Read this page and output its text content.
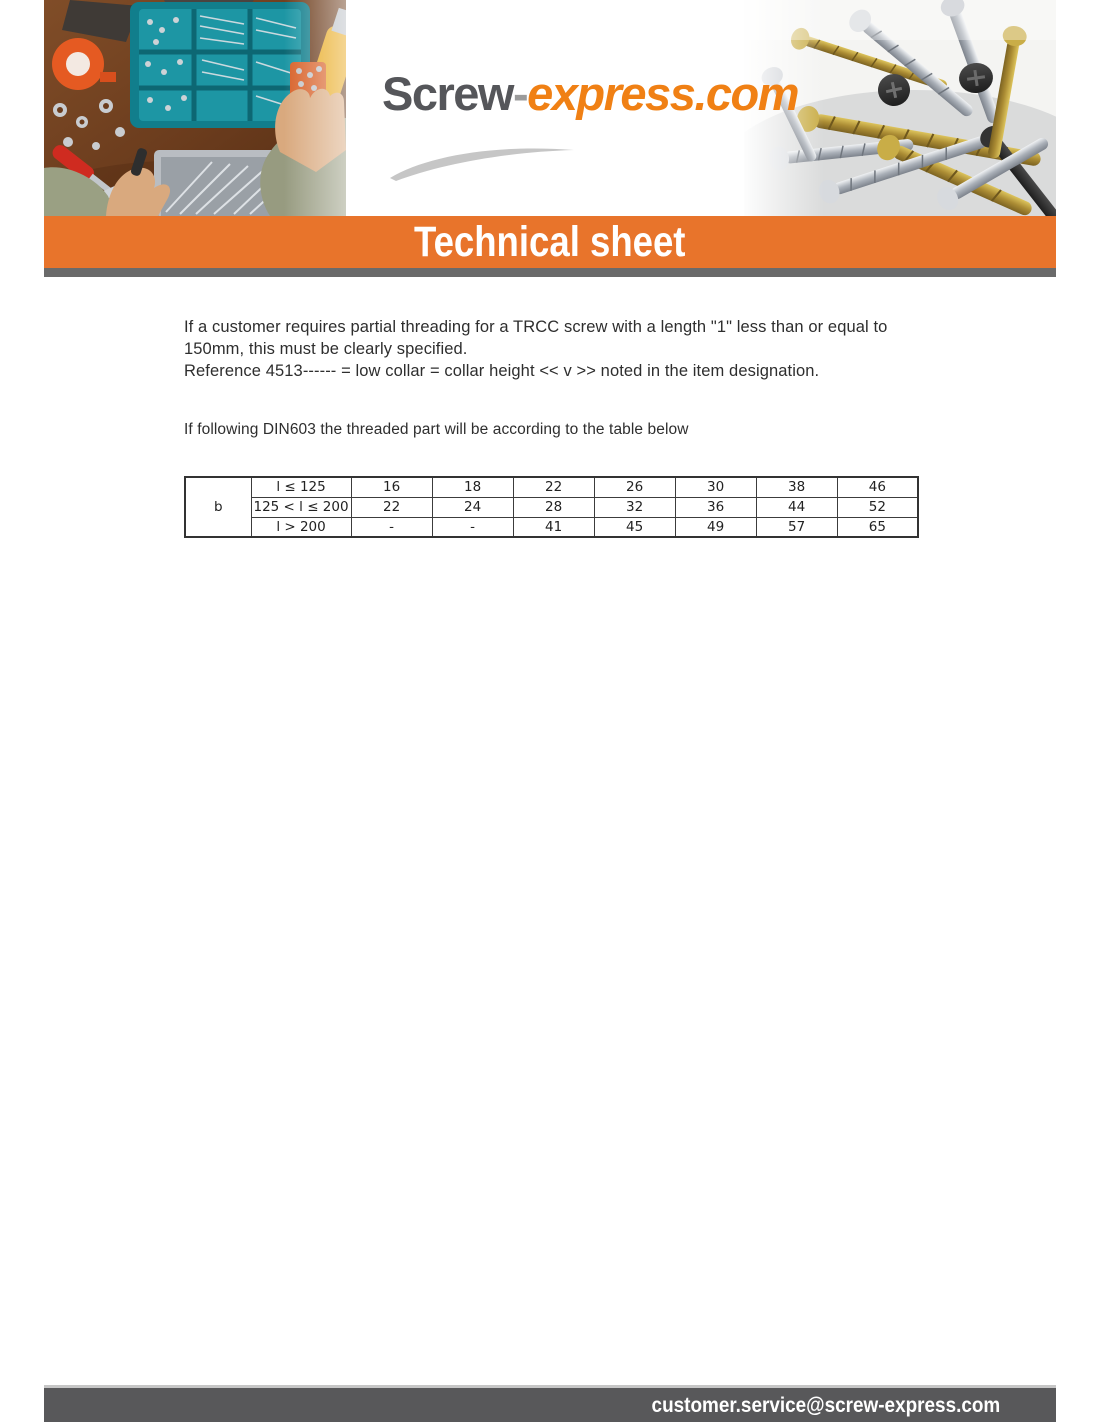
Screw-express.com
Technical sheet
If a customer requires partial threading for a TRCC screw with a length "1" less than or equal to
150mm, this must be clearly specified.
Reference 4513------ = low collar = collar height << v >> noted in the item designation.
If following DIN603 the threaded part will be according to the table below
b	l ≤ 125	16	18	22	26	30	38	46
	125 < l ≤ 200	22	24	28	32	36	44	52
	l > 200	-	-	41	45	49	57	65
customer.service@screw-express.com
